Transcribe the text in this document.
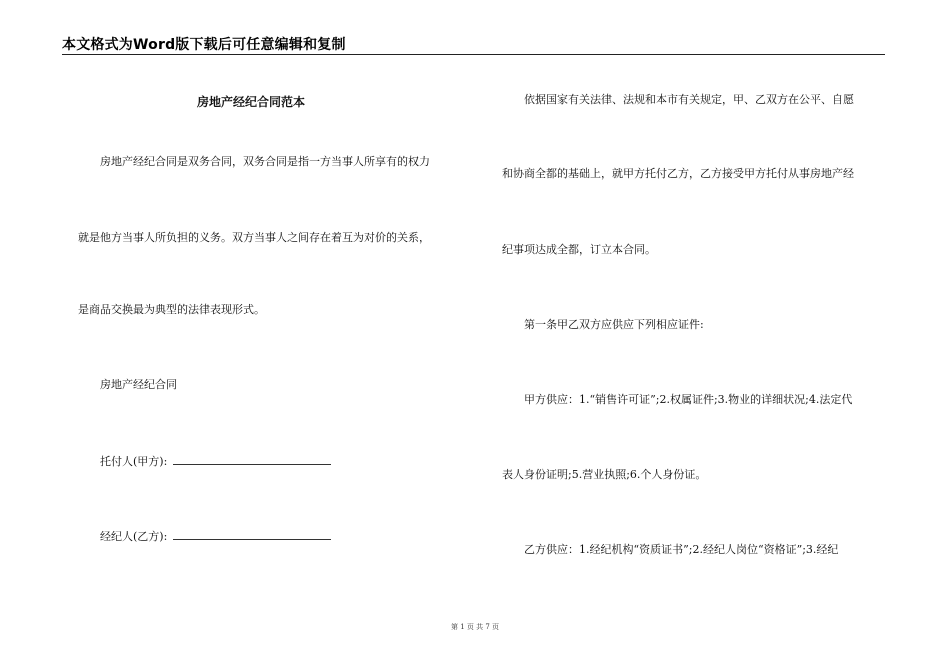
本文格式为Word版下载后可任意编辑和复制
房地产经纪合同范本
房地产经纪合同是双务合同，双务合同是指一方当事人所享有的权力
就是他方当事人所负担的义务。双方当事人之间存在着互为对价的关系，
是商品交换最为典型的法律表现形式。
房地产经纪合同
托付人(甲方):
经纪人(乙方):
依据国家有关法律、法规和本市有关规定，甲、乙双方在公平、自愿
和协商全都的基础上，就甲方托付乙方，乙方接受甲方托付从事房地产经
纪事项达成全都，订立本合同。
第一条甲乙双方应供应下列相应证件:
甲方供应：1.“销售许可证”;2.权属证件;3.物业的详细状况;4.法定代
表人身份证明;5.营业执照;6.个人身份证。
乙方供应：1.经纪机构“资质证书”;2.经纪人岗位“资格证”;3.经纪
第 1 页 共 7 页
